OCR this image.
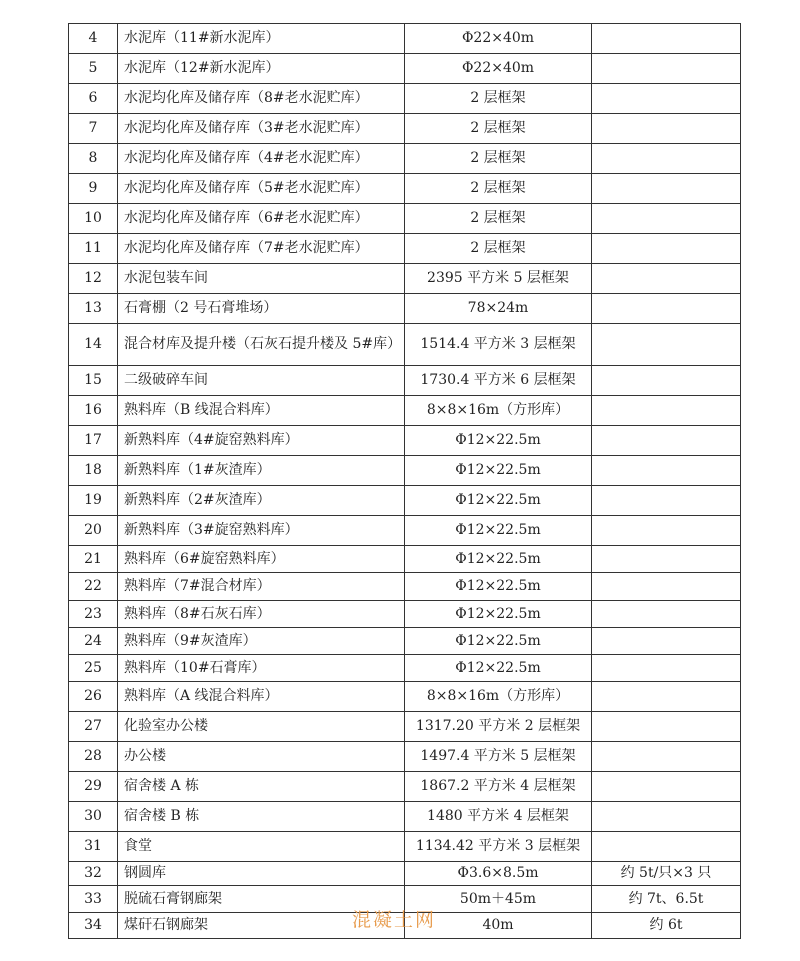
4	水泥库（11#新水泥库）	Φ22×40m	
5	水泥库（12#新水泥库）	Φ22×40m	
6	水泥均化库及储存库（8#老水泥贮库）	2 层框架	
7	水泥均化库及储存库（3#老水泥贮库）	2 层框架	
8	水泥均化库及储存库（4#老水泥贮库）	2 层框架	
9	水泥均化库及储存库（5#老水泥贮库）	2 层框架	
10	水泥均化库及储存库（6#老水泥贮库）	2 层框架	
11	水泥均化库及储存库（7#老水泥贮库）	2 层框架	
12	水泥包装车间	2395 平方米 5 层框架	
13	石膏棚（2 号石膏堆场）	78×24m	
14	混合材库及提升楼（石灰石提升楼及 5#库）	1514.4 平方米 3 层框架	
15	二级破碎车间	1730.4 平方米 6 层框架	
16	熟料库（B 线混合料库）	8×8×16m（方形库）	
17	新熟料库（4#旋窑熟料库）	Φ12×22.5m	
18	新熟料库（1#灰渣库）	Φ12×22.5m	
19	新熟料库（2#灰渣库）	Φ12×22.5m	
20	新熟料库（3#旋窑熟料库）	Φ12×22.5m	
21	熟料库（6#旋窑熟料库）	Φ12×22.5m	
22	熟料库（7#混合材库）	Φ12×22.5m	
23	熟料库（8#石灰石库）	Φ12×22.5m	
24	熟料库（9#灰渣库）	Φ12×22.5m	
25	熟料库（10#石膏库）	Φ12×22.5m	
26	熟料库（A 线混合料库）	8×8×16m（方形库）	
27	化验室办公楼	1317.20 平方米 2 层框架	
28	办公楼	1497.4 平方米 5 层框架	
29	宿舍楼 A 栋	1867.2 平方米 4 层框架	
30	宿舍楼 B 栋	1480 平方米 4 层框架	
31	食堂	1134.42 平方米 3 层框架	
32	钢圆库	Φ3.6×8.5m	约 5t/只×3 只
33	脱硫石膏钢廊架	50m＋45m	约 7t、6.5t
34	煤矸石钢廊架	40m	约 6t
混凝土网
